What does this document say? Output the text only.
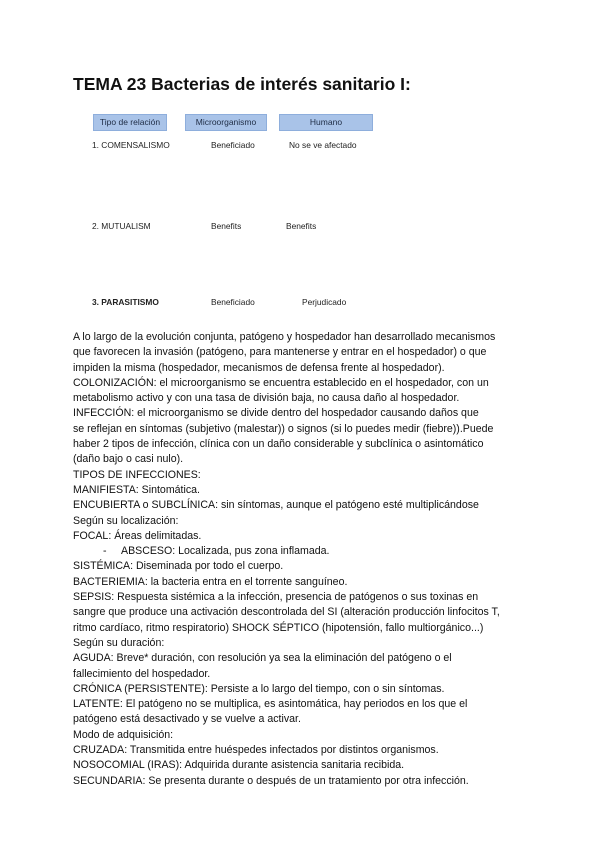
TEMA 23 Bacterias de interés sanitario I:
Tipo de relación	Microorganismo	Humano
1. COMENSALISMO	Beneficiado	No se ve afectado
2. MUTUALISM	Benefits	Benefits
3. PARASITISMO	Beneficiado	Perjudicado
A lo largo de la evolución conjunta, patógeno y hospedador han desarrollado mecanismos
que favorecen la invasión (patógeno, para mantenerse y entrar en el hospedador) o que
impiden la misma (hospedador, mecanismos de defensa frente al hospedador).
COLONIZACIÓN: el microorganismo se encuentra establecido en el hospedador, con un
metabolismo activo y con una tasa de división baja, no causa daño al hospedador.
INFECCIÓN: el microorganismo se divide dentro del hospedador causando daños que
se reflejan en síntomas (subjetivo (malestar)) o signos (si lo puedes medir (fiebre)).Puede
haber 2 tipos de infección, clínica con un daño considerable y subclínica o asintomático
(daño bajo o casi nulo).
TIPOS DE INFECCIONES:
MANIFIESTA: Sintomática.
ENCUBIERTA o SUBCLÍNICA: sin síntomas, aunque el patógeno esté multiplicándose
Según su localización:
FOCAL: Áreas delimitadas.
- ABSCESO: Localizada, pus zona inflamada.
SISTÉMICA: Diseminada por todo el cuerpo.
BACTERIEMIA: la bacteria entra en el torrente sanguíneo.
SEPSIS: Respuesta sistémica a la infección, presencia de patógenos o sus toxinas en
sangre que produce una activación descontrolada del SI (alteración producción linfocitos T,
ritmo cardíaco, ritmo respiratorio) SHOCK SÉPTICO (hipotensión, fallo multiorgánico...)
Según su duración:
AGUDA: Breve* duración, con resolución ya sea la eliminación del patógeno o el
fallecimiento del hospedador.
CRÓNICA (PERSISTENTE): Persiste a lo largo del tiempo, con o sin síntomas.
LATENTE: El patógeno no se multiplica, es asintomática, hay periodos en los que el
patógeno está desactivado y se vuelve a activar.
Modo de adquisición:
CRUZADA: Transmitida entre huéspedes infectados por distintos organismos.
NOSOCOMIAL (IRAS): Adquirida durante asistencia sanitaria recibida.
SECUNDARIA: Se presenta durante o después de un tratamiento por otra infección.
